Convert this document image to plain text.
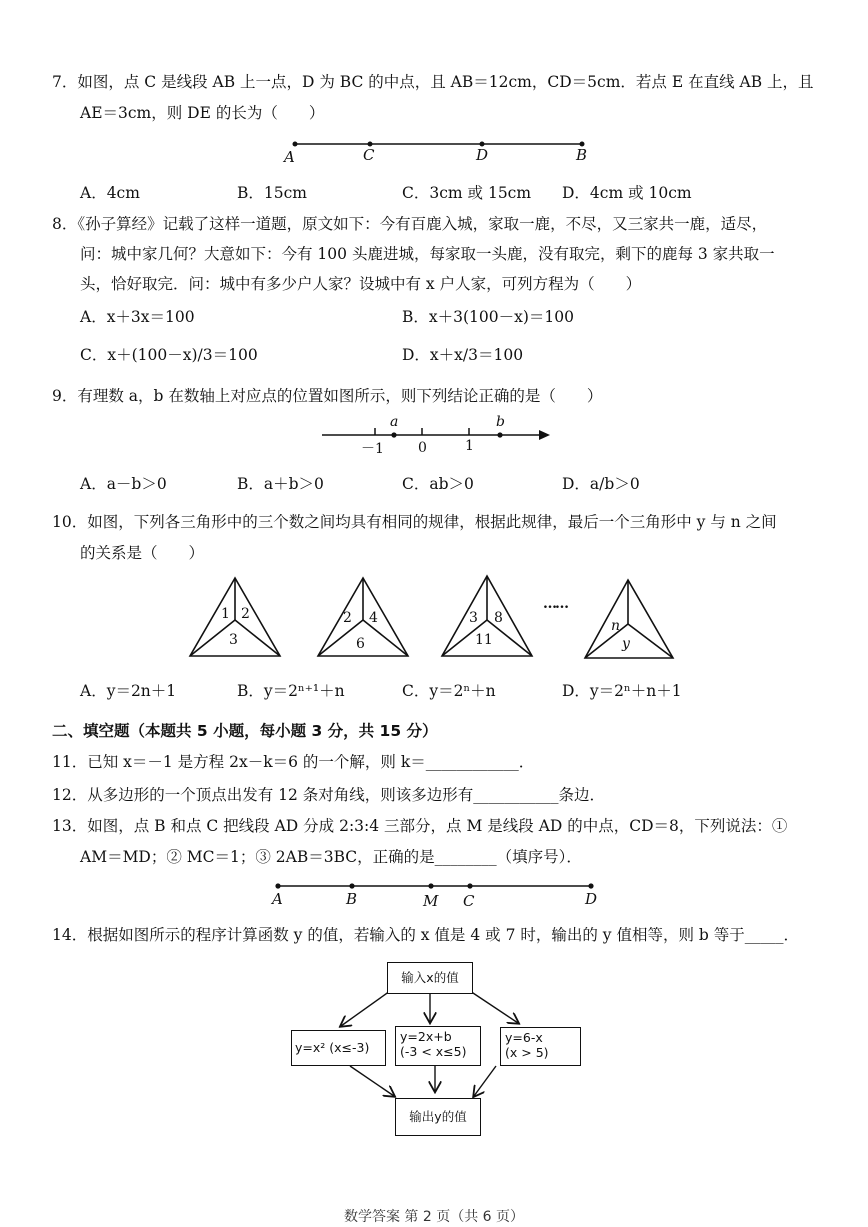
7．如图，点 C 是线段 AB 上一点，D 为 BC 的中点，且 AB＝12cm，CD＝5cm．若点 E 在直线 AB 上，且
AE＝3cm，则 DE 的长为（　　）
A	C	D	B
A．4cm	B．15cm	C．3cm 或 15cm D．4cm 或 10cm
8．《孙子算经》记载了这样一道题，原文如下：今有百鹿入城，家取一鹿，不尽，又三家共一鹿，适尽，
问：城中家几何？大意如下：今有 100 头鹿进城，每家取一头鹿，没有取完，剩下的鹿每 3 家共取一
头，恰好取完．问：城中有多少户人家？设城中有 x 户人家，可列方程为（　　）
A．x＋3x＝100	B．x＋3(100－x)＝100
C．x＋(100－x)/3＝100	D．x＋x/3＝100
9．有理数 a，b 在数轴上对应点的位置如图所示，则下列结论正确的是（　　）
a	b
－1 0	1
A．a－b＞0	B．a＋b＞0	C．ab＞0	D．a/b＞0
10．如图，下列各三角形中的三个数之间均具有相同的规律，根据此规律，最后一个三角形中 y 与 n 之间
的关系是（　　）
1 2
3
2 4
6
3 8
11
n
y
……
A．y＝2n＋1	B．y＝2ⁿ⁺¹＋n	C．y＝2ⁿ＋n	D．y＝2ⁿ＋n＋1
二、填空题（本题共 5 小题，每小题 3 分，共 15 分）
11．已知 x＝－1 是方程 2x－k＝6 的一个解，则 k＝____________．
12．从多边形的一个顶点出发有 12 条对角线，则该多边形有___________条边．
13．如图，点 B 和点 C 把线段 AD 分成 2:3:4 三部分，点 M 是线段 AD 的中点，CD＝8，下列说法：①
AM＝MD；② MC＝1；③ 2AB＝3BC，正确的是________（填序号）．
A	B	M C	D
14．根据如图所示的程序计算函数 y 的值，若输入的 x 值是 4 或 7 时，输出的 y 值相等，则 b 等于_____．
输入x的值
y=x² (x≤-3)
y=2x+b
(-3 < x≤5)
y=6-x
(x > 5)
输出y的值
数学答案 第 2 页（共 6 页）
